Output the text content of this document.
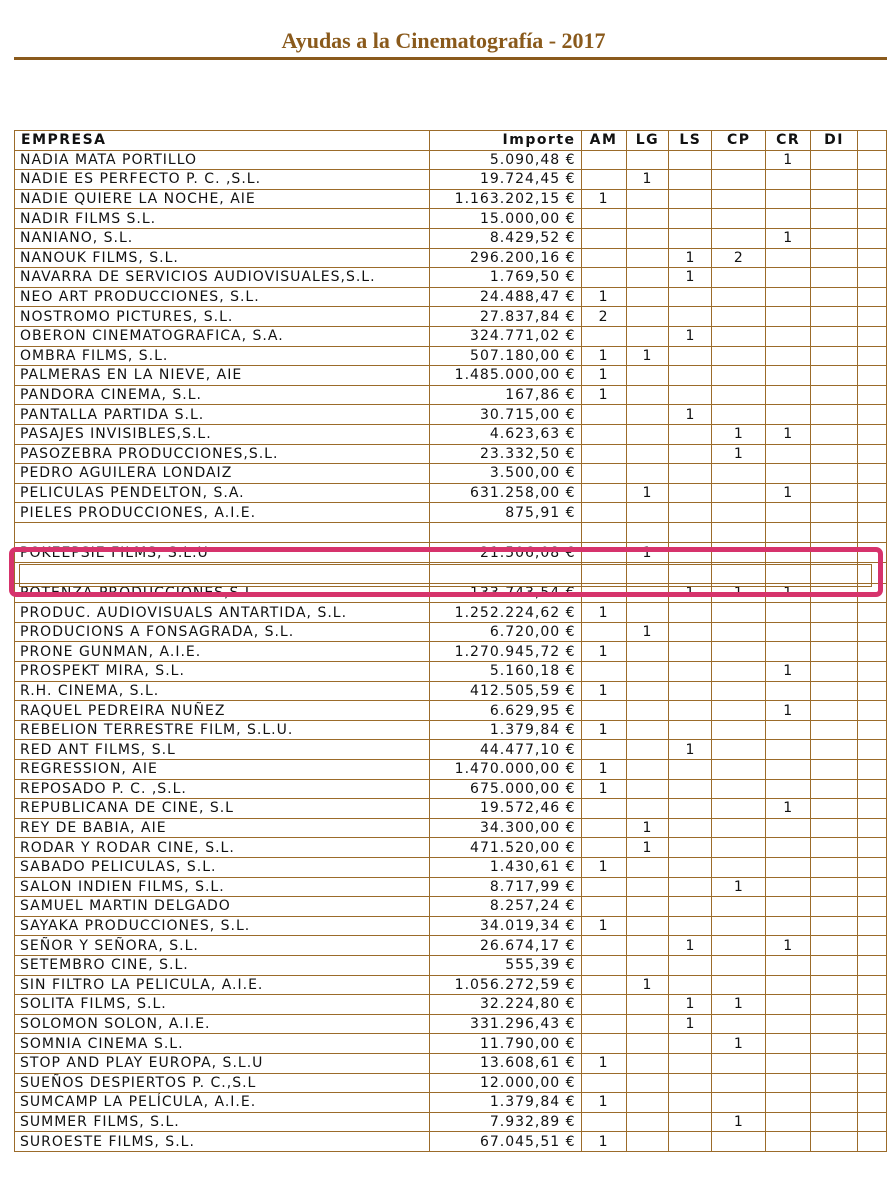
Ayudas a la Cinematografía - 2017
EMPRESA	Importe	AM	LG	LS	CP	CR	DI	
NADIA MATA PORTILLO	5.090,48 €					1		
NADIE ES PERFECTO P. C. ,S.L.	19.724,45 €		1					
NADIE QUIERE LA NOCHE, AIE	1.163.202,15 €	1						
NADIR FILMS S.L.	15.000,00 €							
NANIANO, S.L.	8.429,52 €					1		
NANOUK FILMS, S.L.	296.200,16 €			1	2			
NAVARRA DE SERVICIOS AUDIOVISUALES,S.L.	1.769,50 €			1				
NEO ART PRODUCCIONES, S.L.	24.488,47 €	1						
NOSTROMO PICTURES, S.L.	27.837,84 €	2						
OBERON CINEMATOGRAFICA, S.A.	324.771,02 €			1				
OMBRA FILMS, S.L.	507.180,00 €	1	1					
PALMERAS EN LA NIEVE, AIE	1.485.000,00 €	1						
PANDORA CINEMA, S.L.	167,86 €	1						
PANTALLA PARTIDA S.L.	30.715,00 €			1				
PASAJES INVISIBLES,S.L.	4.623,63 €				1	1		
PASOZEBRA PRODUCCIONES,S.L.	23.332,50 €				1			
PEDRO AGUILERA LONDAIZ	3.500,00 €							
PELICULAS PENDELTON, S.A.	631.258,00 €		1			1		
PIELES PRODUCCIONES, A.I.E.	875,91 €							

POKEEPSIE FILMS, S.L.U	21.506,08 €		1					

POTENZA PRODUCCIONES,S.L.	133.743,54 €			1	1	1		
PRODUC. AUDIOVISUALS ANTARTIDA, S.L.	1.252.224,62 €	1						
PRODUCIONS A FONSAGRADA, S.L.	6.720,00 €		1					
PRONE GUNMAN, A.I.E.	1.270.945,72 €	1						
PROSPEKT MIRA, S.L.	5.160,18 €					1		
R.H. CINEMA, S.L.	412.505,59 €	1						
RAQUEL PEDREIRA NUÑEZ	6.629,95 €					1		
REBELION TERRESTRE FILM, S.L.U.	1.379,84 €	1						
RED ANT FILMS, S.L	44.477,10 €			1				
REGRESSION, AIE	1.470.000,00 €	1						
REPOSADO P. C. ,S.L.	675.000,00 €	1						
REPUBLICANA DE CINE, S.L	19.572,46 €					1		
REY DE BABIA, AIE	34.300,00 €		1					
RODAR Y RODAR CINE, S.L.	471.520,00 €		1					
SABADO PELICULAS, S.L.	1.430,61 €	1						
SALON INDIEN FILMS, S.L.	8.717,99 €				1			
SAMUEL MARTIN DELGADO	8.257,24 €							
SAYAKA PRODUCCIONES, S.L.	34.019,34 €	1						
SEÑOR Y SEÑORA, S.L.	26.674,17 €			1		1		
SETEMBRO CINE, S.L.	555,39 €							
SIN FILTRO LA PELICULA, A.I.E.	1.056.272,59 €		1					
SOLITA FILMS, S.L.	32.224,80 €			1	1			
SOLOMON SOLON, A.I.E.	331.296,43 €			1				
SOMNIA CINEMA S.L.	11.790,00 €				1			
STOP AND PLAY EUROPA, S.L.U	13.608,61 €	1						
SUEÑOS DESPIERTOS P. C.,S.L	12.000,00 €							
SUMCAMP LA PELÍCULA, A.I.E.	1.379,84 €	1						
SUMMER FILMS, S.L.	7.932,89 €				1			
SUROESTE FILMS, S.L.	67.045,51 €	1						
